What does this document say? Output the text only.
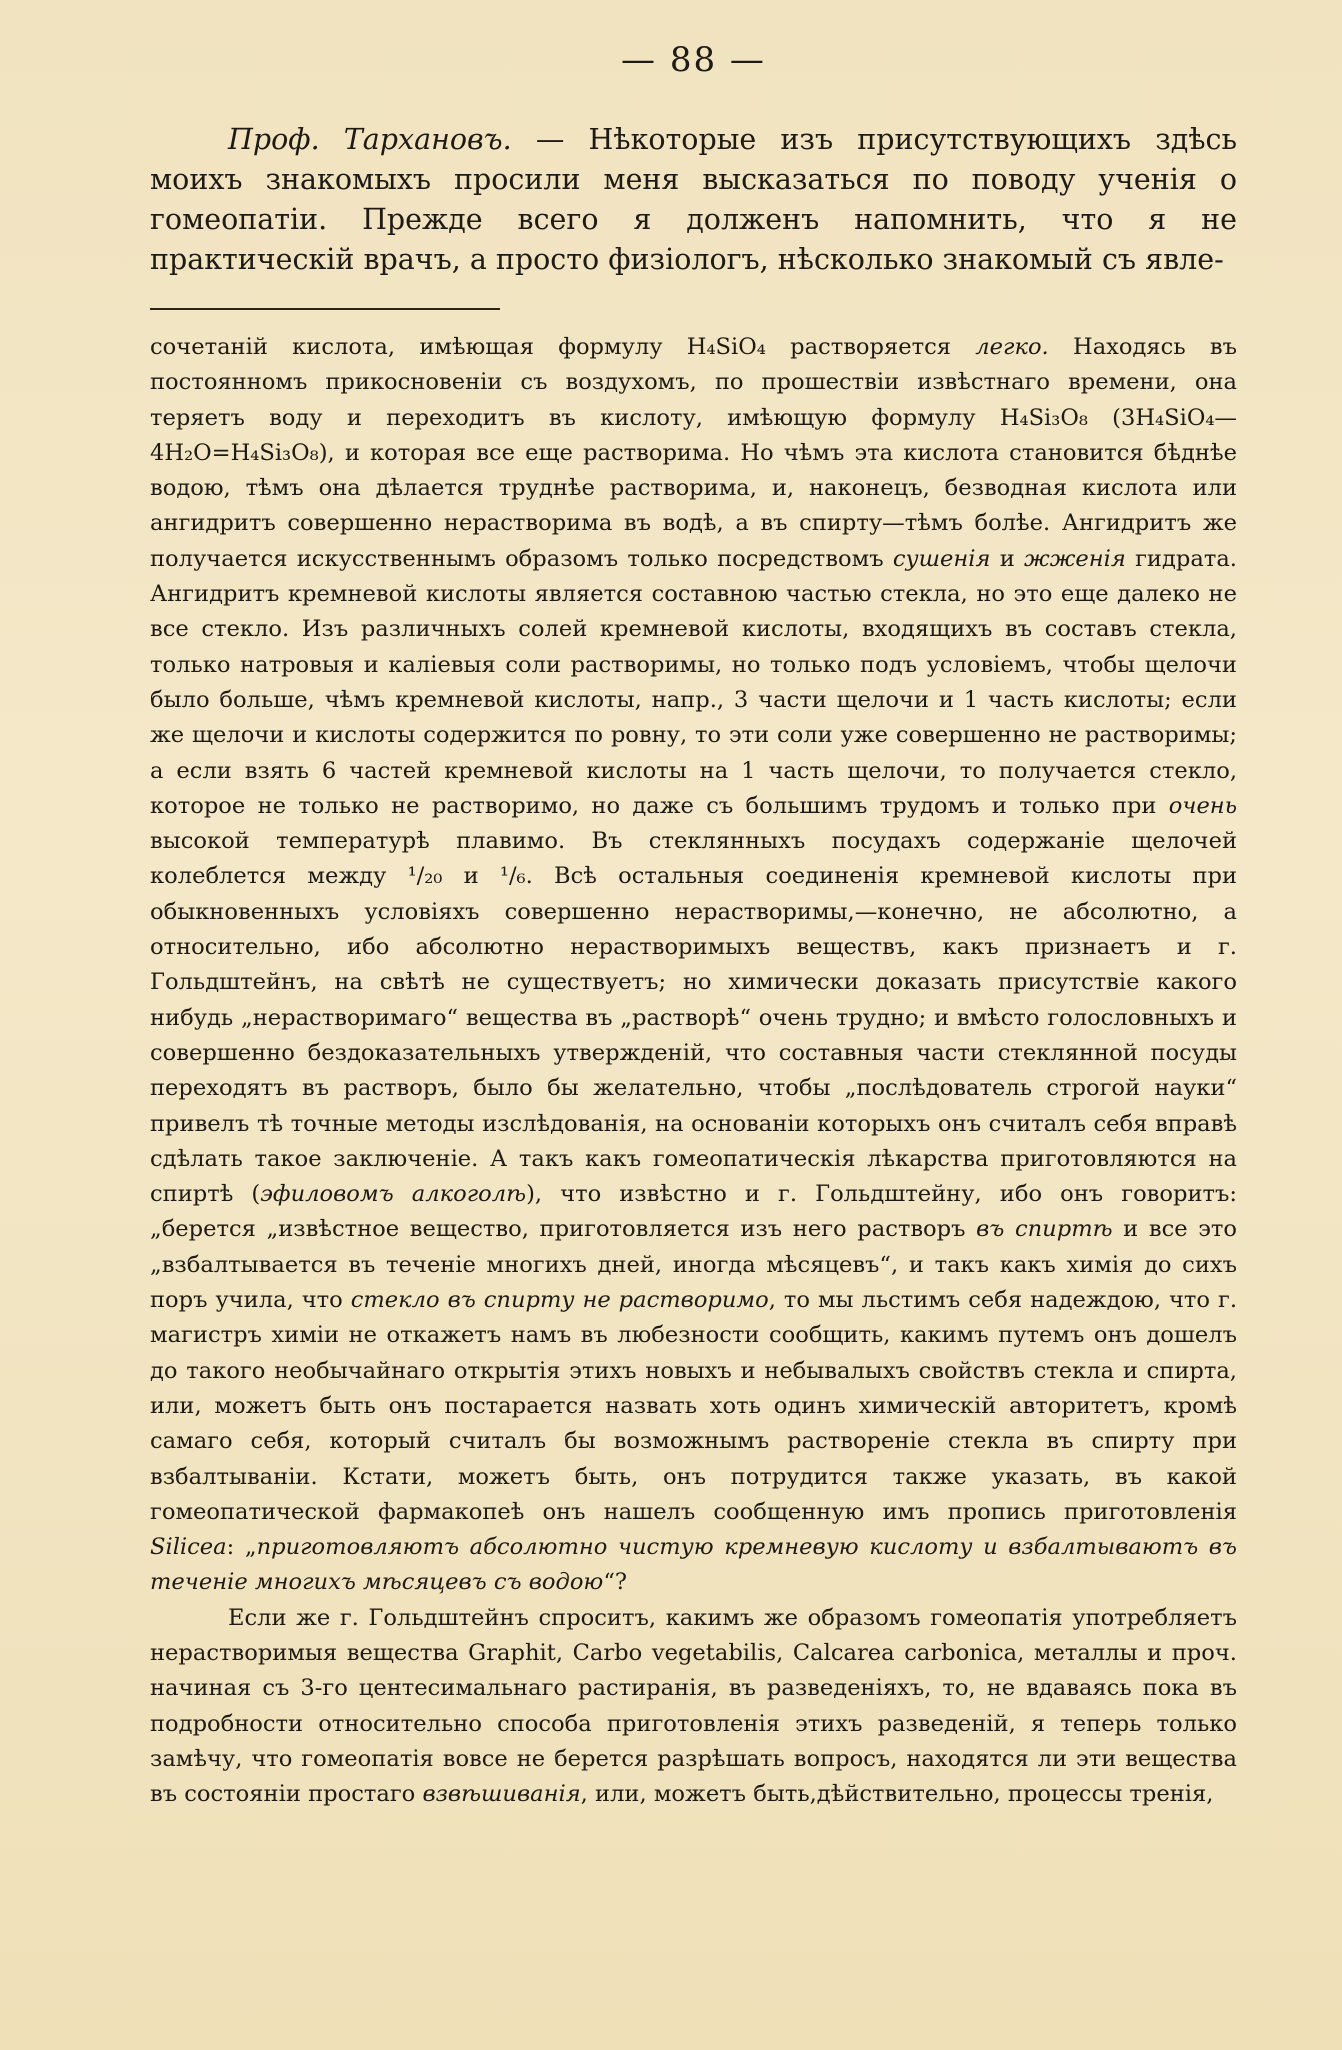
— 88 —

Проф. Тархановъ. — Нѣкоторые изъ присутствующихъ здѣсь моихъ знакомыхъ просили меня высказаться по поводу ученія о гомеопатіи. Прежде всего я долженъ напомнить, что я не практическій врачъ, а просто физіологъ, нѣсколько знакомый съ явле-

сочетаній кислота, имѣющая формулу H₄SiO₄ растворяется легко. Находясь въ постоянномъ прикосновеніи съ воздухомъ, по прошествіи извѣстнаго времени, она теряетъ воду и переходитъ въ кислоту, имѣющую формулу H₄Si₃O₈ (3H₄SiO₄—4H₂O=H₄Si₃O₈), и которая все еще растворима. Но чѣмъ эта кислота становится бѣднѣе водою, тѣмъ она дѣлается труднѣе растворима, и, наконецъ, безводная кислота или ангидритъ совершенно нерастворима въ водѣ, а въ спирту—тѣмъ болѣе. Ангидритъ же получается искусственнымъ образомъ только посредствомъ сушенія и жженія гидрата. Ангидритъ кремневой кислоты является составною частью стекла, но это еще далеко не все стекло. Изъ различныхъ солей кремневой кислоты, входящихъ въ составъ стекла, только натровыя и каліевыя соли растворимы, но только подъ условіемъ, чтобы щелочи было больше, чѣмъ кремневой кислоты, напр., 3 части щелочи и 1 часть кислоты; если же щелочи и кислоты содержится по ровну, то эти соли уже совершенно не растворимы; а если взять 6 частей кремневой кислоты на 1 часть щелочи, то получается стекло, которое не только не растворимо, но даже съ большимъ трудомъ и только при очень высокой температурѣ плавимо. Въ стеклянныхъ посудахъ содержаніе щелочей колеблется между ¹/₂₀ и ¹/₆. Всѣ остальныя соединенія кремневой кислоты при обыкновенныхъ условіяхъ совершенно нерастворимы,—конечно, не абсолютно, а относительно, ибо абсолютно нерастворимыхъ веществъ, какъ признаетъ и г. Гольдштейнъ, на свѣтѣ не существуетъ; но химически доказать присутствіе какого нибудь „нерастворимаго“ вещества въ „растворѣ“ очень трудно; и вмѣсто голословныхъ и совершенно бездоказательныхъ утвержденій, что составныя части стеклянной посуды переходятъ въ растворъ, было бы желательно, чтобы „послѣдователь строгой науки“ привелъ тѣ точные методы изслѣдованія, на основаніи которыхъ онъ считалъ себя вправѣ сдѣлать такое заключеніе. А такъ какъ гомеопатическія лѣкарства приготовляются на спиртѣ (эфиловомъ алкоголѣ), что извѣстно и г. Гольдштейну, ибо онъ говоритъ: „берется „извѣстное вещество, приготовляется изъ него растворъ въ спиртѣ и все это „взбалтывается въ теченіе многихъ дней, иногда мѣсяцевъ“, и такъ какъ химія до сихъ поръ учила, что стекло въ спирту не растворимо, то мы льстимъ себя надеждою, что г. магистръ химіи не откажетъ намъ въ любезности сообщить, какимъ путемъ онъ дошелъ до такого необычайнаго открытія этихъ новыхъ и небывалыхъ свойствъ стекла и спирта, или, можетъ быть онъ постарается назвать хоть одинъ химическій авторитетъ, кромѣ самаго себя, который считалъ бы возможнымъ раствореніе стекла въ спирту при взбалтываніи. Кстати, можетъ быть, онъ потрудится также указать, въ какой гомеопатической фармакопеѣ онъ нашелъ сообщенную имъ пропись приготовленія Silicea: „приготовляютъ абсолютно чистую кремневую кислоту и взбалтываютъ въ теченіе многихъ мѣсяцевъ съ водою“?

Если же г. Гольдштейнъ спроситъ, какимъ же образомъ гомеопатія употребляетъ нерастворимыя вещества Graphit, Carbo vegetabilis, Calcarea carbonica, металлы и проч. начиная съ 3-го центесимальнаго растиранія, въ разведеніяхъ, то, не вдаваясь пока въ подробности относительно способа приготовленія этихъ разведеній, я теперь только замѣчу, что гомеопатія вовсе не берется разрѣшать вопросъ, находятся ли эти вещества въ состояніи простаго взвѣшиванія, или, можетъ быть,дѣйствительно, процессы тренія,
